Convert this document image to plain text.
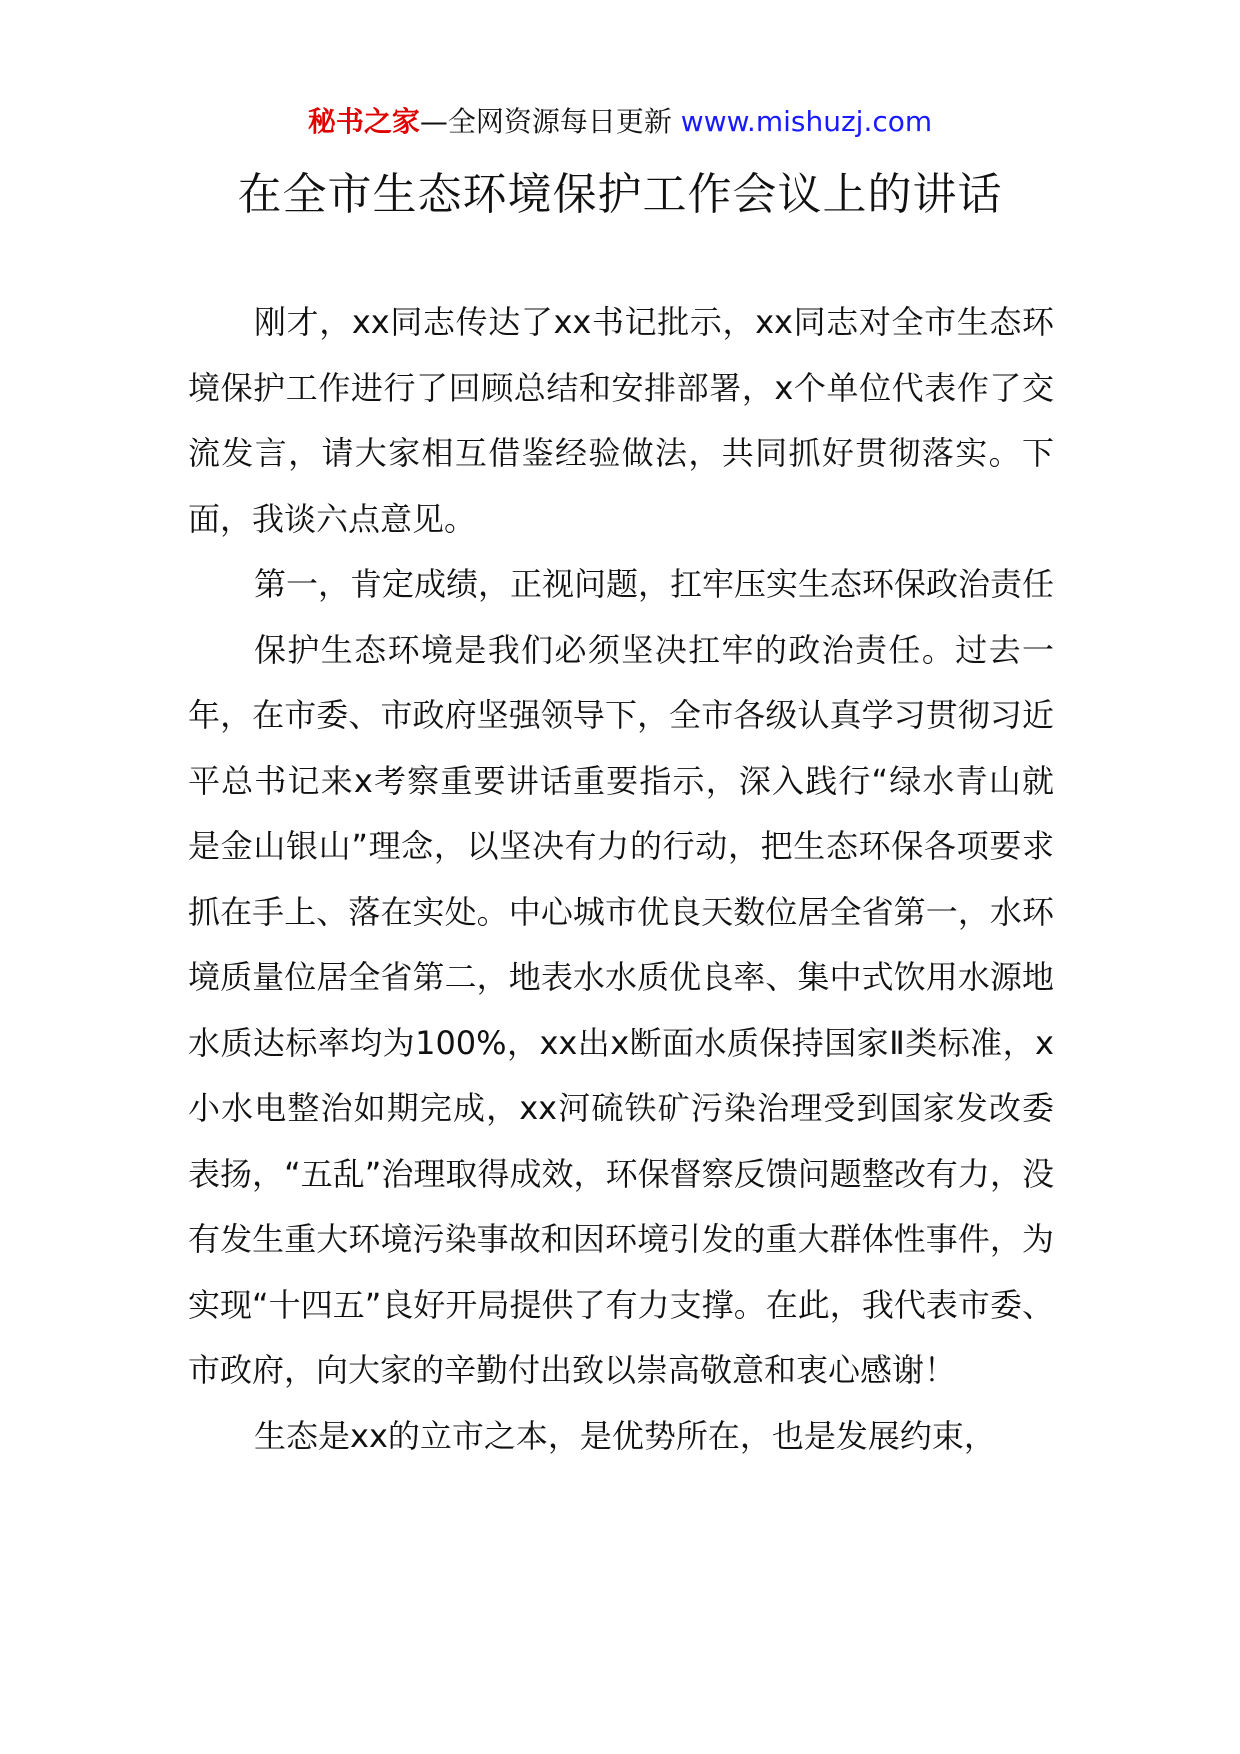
秘书之家—全网资源每日更新 www.mishuzj.com
在全市生态环境保护工作会议上的讲话

刚才，xx同志传达了xx书记批示，xx同志对全市生态环境保护工作进行了回顾总结和安排部署，x个单位代表作了交流发言，请大家相互借鉴经验做法，共同抓好贯彻落实。下面，我谈六点意见。

第一，肯定成绩，正视问题，扛牢压实生态环保政治责任

保护生态环境是我们必须坚决扛牢的政治责任。过去一年，在市委、市政府坚强领导下，全市各级认真学习贯彻习近平总书记来x考察重要讲话重要指示，深入践行“绿水青山就是金山银山”理念，以坚决有力的行动，把生态环保各项要求抓在手上、落在实处。中心城市优良天数位居全省第一，水环境质量位居全省第二，地表水水质优良率、集中式饮用水源地水质达标率均为100%，xx出x断面水质保持国家Ⅱ类标准，x小水电整治如期完成，xx河硫铁矿污染治理受到国家发改委表扬，“五乱”治理取得成效，环保督察反馈问题整改有力，没有发生重大环境污染事故和因环境引发的重大群体性事件，为实现“十四五”良好开局提供了有力支撑。在此，我代表市委、市政府，向大家的辛勤付出致以崇高敬意和衷心感谢！

生态是xx的立市之本，是优势所在，也是发展约束，
